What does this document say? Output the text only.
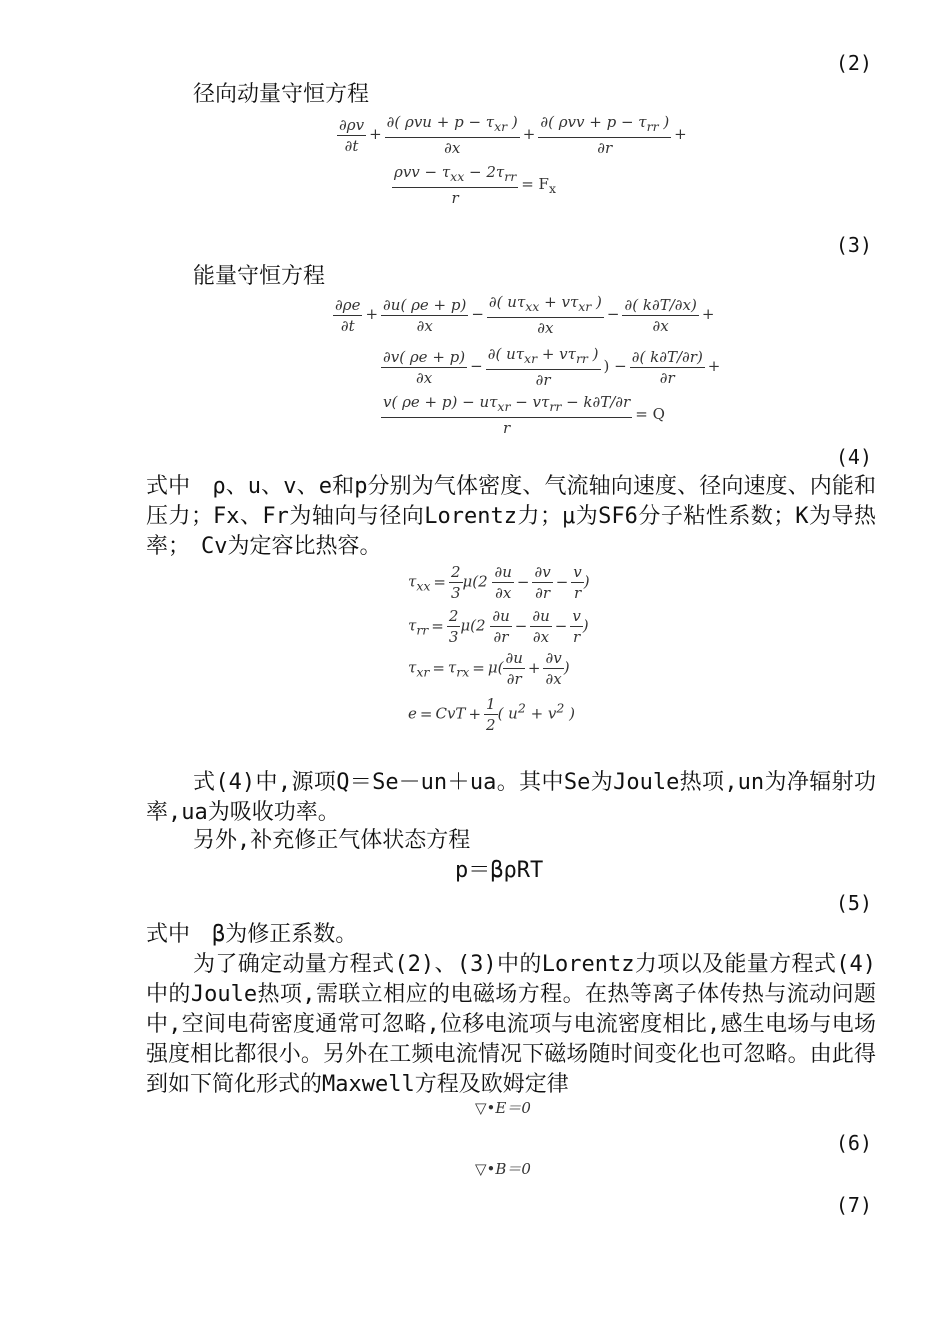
(2)
径向动量守恒方程
$\frac{\partial\rho v}{\partial t} + \frac{\partial( \rho vu + p - \tau_{xr} )}{\partial x} + \frac{\partial( \rho vv + p - \tau_{rr} )}{\partial r}$ +
$\frac{\rho vv - \tau_{xx} - 2\tau_{rr}}{r} = F_x$
(3)
能量守恒方程
$\frac{\partial\rho e}{\partial t} + \frac{\partial u( \rho e + p)}{\partial x} - \frac{\partial( u\tau_{xx} + v\tau_{xr} )}{\partial x} - \frac{\partial( k\partial T/\partial x)}{\partial x}$ +
$\frac{\partial v( \rho e + p)}{\partial x} - \frac{\partial( u\tau_{xr} + v\tau_{rr} )}{\partial r}$ ) − $\frac{\partial( k\partial T/\partial r)}{\partial r}$ +
$\frac{v( \rho e + p) - u\tau_{xr} - v\tau_{rr} - k\partial T/\partial r}{r} = Q$
(4)
式中　ρ、u、v、e和p分别为气体密度、气流轴向速度、径向速度、内能和压力；Fx、Fr为轴向与径向Lorentz力；μ为SF6分子粘性系数；K为导热率；　Cv为定容比热容。
$\tau_{xx} = \frac{2}{3} \mu(2 \frac{\partial u}{\partial x} - \frac{\partial v}{\partial r} - \frac{v}{r}$ )
$\tau_{rr} = \frac{2}{3} \mu(2 \frac{\partial u}{\partial r} - \frac{\partial u}{\partial x} - \frac{v}{r}$ )
$\tau_{xr} = \tau_{rx} = \mu( \frac{\partial u}{\partial r} + \frac{\partial v}{\partial x}$ )
e = CvT + $\frac{1}{2}$ ( $u^2 + v^2$ )
式(4)中,源项Q＝Se－un＋ua。其中Se为Joule热项,un为净辐射功率,ua为吸收功率。
另外,补充修正气体状态方程
p＝βρRT
(5)
式中　β为修正系数。
为了确定动量方程式(2)、(3)中的Lorentz力项以及能量方程式(4)中的Joule热项,需联立相应的电磁场方程。在热等离子体传热与流动问题中,空间电荷密度通常可忽略,位移电流项与电流密度相比,感生电场与电场强度相比都很小。另外在工频电流情况下磁场随时间变化也可忽略。由此得到如下简化形式的Maxwell方程及欧姆定律
▽•E＝0
(6)
▽•B＝0
(7)
